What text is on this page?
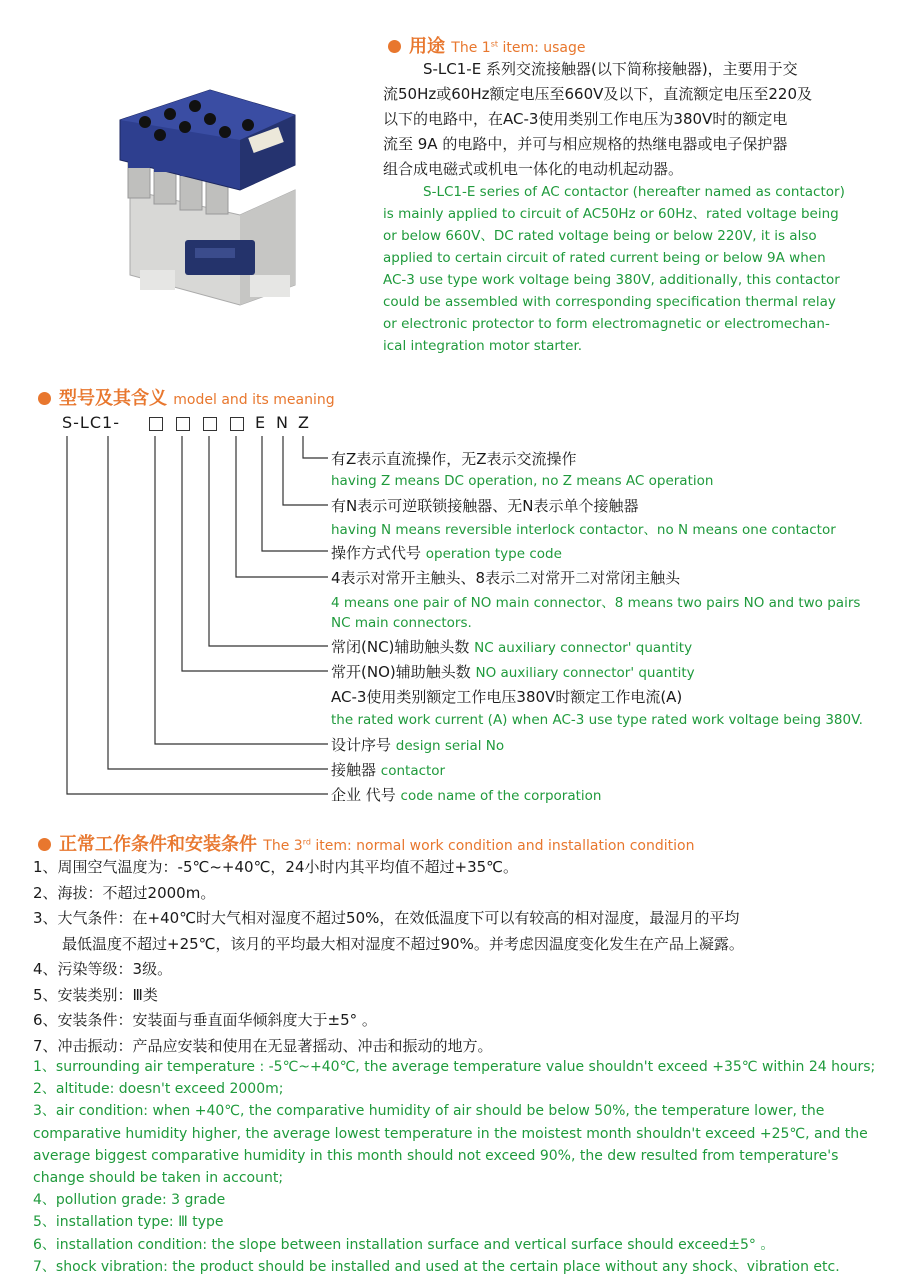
用途 The 1st item: usage
S-LC1-E 系列交流接触器(以下简称接触器)，主要用于交
流50Hz或60Hz额定电压至660V及以下，直流额定电压至220及
以下的电路中，在AC-3使用类别工作电压为380V时的额定电
流至 9A 的电路中，并可与相应规格的热继电器或电子保护器
组合成电磁式或机电一体化的电动机起动器。
S-LC1-E series of AC contactor (hereafter named as contactor)
is mainly applied to circuit of AC50Hz or 60Hz、rated voltage being
or below 660V、DC rated voltage being or below 220V, it is also
applied to certain circuit of rated current being or below 9A when
AC-3 use type work voltage being 380V, additionally, this contactor
could be assembled with corresponding specification thermal relay
or electronic protector to form electromagnetic or electromechan-
ical integration motor starter.
型号及其含义 model and its meaning
S-LC1-	E N Z
有Z表示直流操作，无Z表示交流操作
having Z means DC operation, no Z means AC operation
有N表示可逆联锁接触器、无N表示单个接触器
having N means reversible interlock contactor、no N means one contactor
操作方式代号 operation type code
4表示对常开主触头、8表示二对常开二对常闭主触头
4 means one pair of NO main connector、8 means two pairs NO and two pairs
NC main connectors.
常闭(NC)辅助触头数 NC auxiliary connector' quantity
常开(NO)辅助触头数 NO auxiliary connector' quantity
AC-3使用类别额定工作电压380V时额定工作电流(A)
the rated work current (A) when AC-3 use type rated work voltage being 380V.
设计序号 design serial No
接触器 contactor
企业 代号 code name of the corporation
正常工作条件和安装条件 The 3rd item: normal work condition and installation condition
1、周围空气温度为：-5℃~+40℃，24小时内其平均值不超过+35℃。
2、海拔：不超过2000m。
3、大气条件：在+40℃时大气相对湿度不超过50%，在效低温度下可以有较高的相对湿度，最湿月的平均
最低温度不超过+25℃，该月的平均最大相对湿度不超过90%。并考虑因温度变化发生在产品上凝露。
4、污染等级：3级。
5、安装类别：Ⅲ类
6、安装条件：安装面与垂直面华倾斜度大于±5° 。
7、冲击振动：产品应安装和使用在无显著摇动、冲击和振动的地方。
1、surrounding air temperature : -5℃~+40℃, the average temperature value shouldn't exceed +35℃ within 24 hours;
2、altitude: doesn't exceed 2000m;
3、air condition: when +40℃, the comparative humidity of air should be below 50%, the temperature lower, the
comparative humidity higher, the average lowest temperature in the moistest month shouldn't exceed +25℃, and the
average biggest comparative humidity in this month should not exceed 90%, the dew resulted from temperature's
change should be taken in account;
4、pollution grade: 3 grade
5、installation type: Ⅲ type
6、installation condition: the slope between installation surface and vertical surface should exceed±5° 。
7、shock vibration: the product should be installed and used at the certain place without any shock、vibration etc.
